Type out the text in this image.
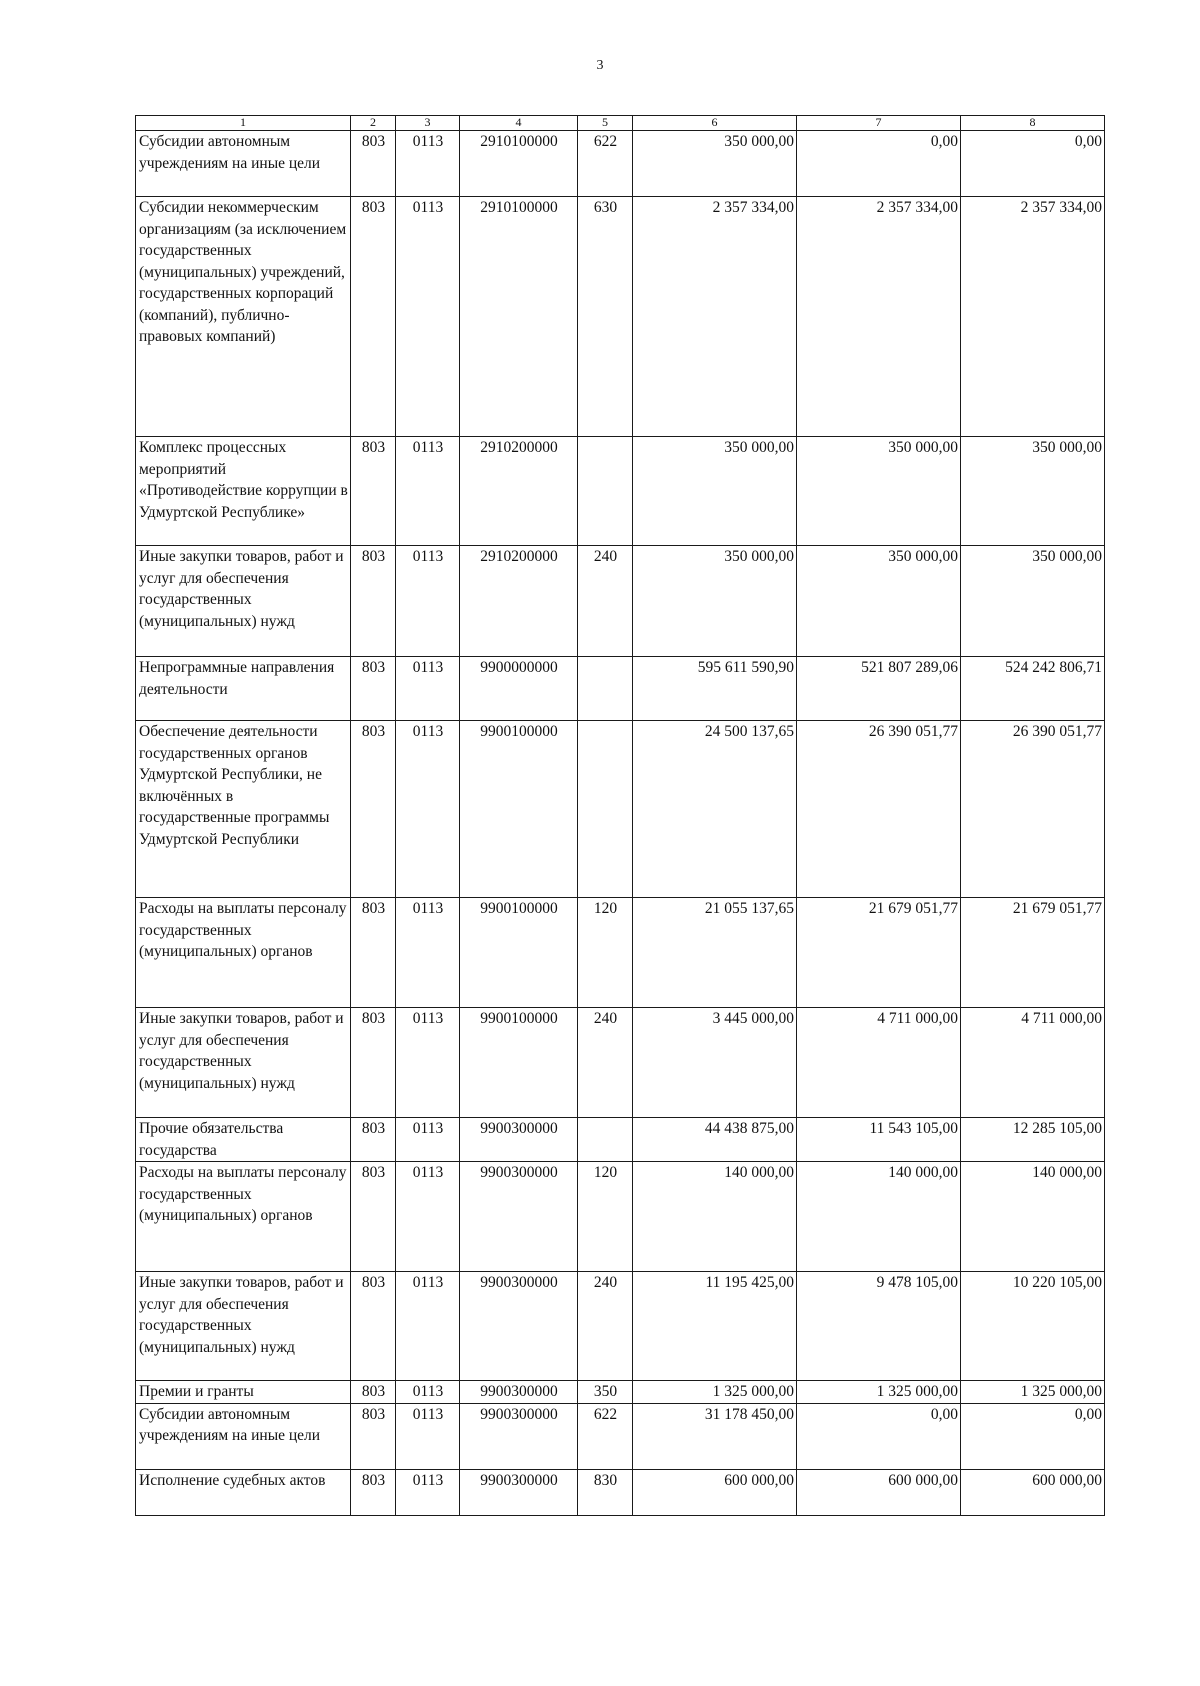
3
1	2	3	4	5	6	7	8
Субсидии автономным учреждениям на иные цели	803	0113	2910100000	622	350 000,00	0,00	0,00
Субсидии некоммерческим организациям (за исключением государственных (муниципальных) учреждений, государственных корпораций (компаний), публично-правовых компаний)	803	0113	2910100000	630	2 357 334,00	2 357 334,00	2 357 334,00
Комплекс процессных мероприятий «Противодействие коррупции в Удмуртской Республике»	803	0113	2910200000		350 000,00	350 000,00	350 000,00
Иные закупки товаров, работ и услуг для обеспечения государственных (муниципальных) нужд	803	0113	2910200000	240	350 000,00	350 000,00	350 000,00
Непрограммные направления деятельности	803	0113	9900000000		595 611 590,90	521 807 289,06	524 242 806,71
Обеспечение деятельности государственных органов Удмуртской Республики, не включённых в государственные программы Удмуртской Республики	803	0113	9900100000		24 500 137,65	26 390 051,77	26 390 051,77
Расходы на выплаты персоналу государственных (муниципальных) органов	803	0113	9900100000	120	21 055 137,65	21 679 051,77	21 679 051,77
Иные закупки товаров, работ и услуг для обеспечения государственных (муниципальных) нужд	803	0113	9900100000	240	3 445 000,00	4 711 000,00	4 711 000,00
Прочие обязательства государства	803	0113	9900300000		44 438 875,00	11 543 105,00	12 285 105,00
Расходы на выплаты персоналу государственных (муниципальных) органов	803	0113	9900300000	120	140 000,00	140 000,00	140 000,00
Иные закупки товаров, работ и услуг для обеспечения государственных (муниципальных) нужд	803	0113	9900300000	240	11 195 425,00	9 478 105,00	10 220 105,00
Премии и гранты	803	0113	9900300000	350	1 325 000,00	1 325 000,00	1 325 000,00
Субсидии автономным учреждениям на иные цели	803	0113	9900300000	622	31 178 450,00	0,00	0,00
Исполнение судебных актов	803	0113	9900300000	830	600 000,00	600 000,00	600 000,00
